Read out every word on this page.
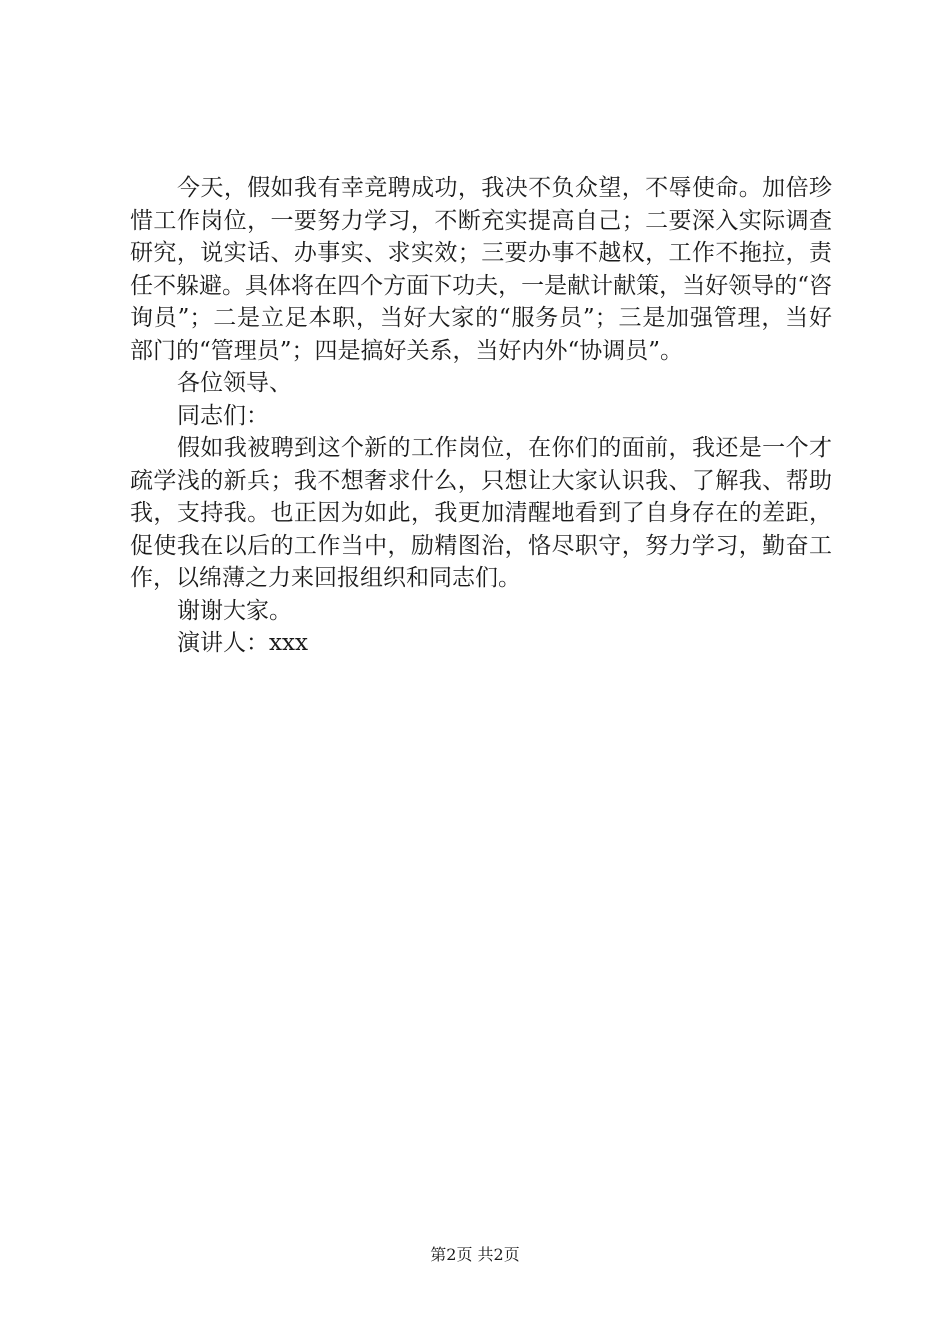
今天，假如我有幸竞聘成功，我决不负众望，不辱使命。加倍珍惜工作岗位，一要努力学习，不断充实提高自己；二要深入实际调查研究，说实话、办事实、求实效；三要办事不越权，工作不拖拉，责任不躲避。具体将在四个方面下功夫，一是献计献策，当好领导的“咨询员”；二是立足本职，当好大家的“服务员”；三是加强管理，当好部门的“管理员”；四是搞好关系，当好内外“协调员”。

各位领导、

同志们：

假如我被聘到这个新的工作岗位，在你们的面前，我还是一个才疏学浅的新兵；我不想奢求什么，只想让大家认识我、了解我、帮助我，支持我。也正因为如此，我更加清醒地看到了自身存在的差距，促使我在以后的工作当中，励精图治，恪尽职守，努力学习，勤奋工作，以绵薄之力来回报组织和同志们。

谢谢大家。

演讲人：xxx

第2页 共2页
